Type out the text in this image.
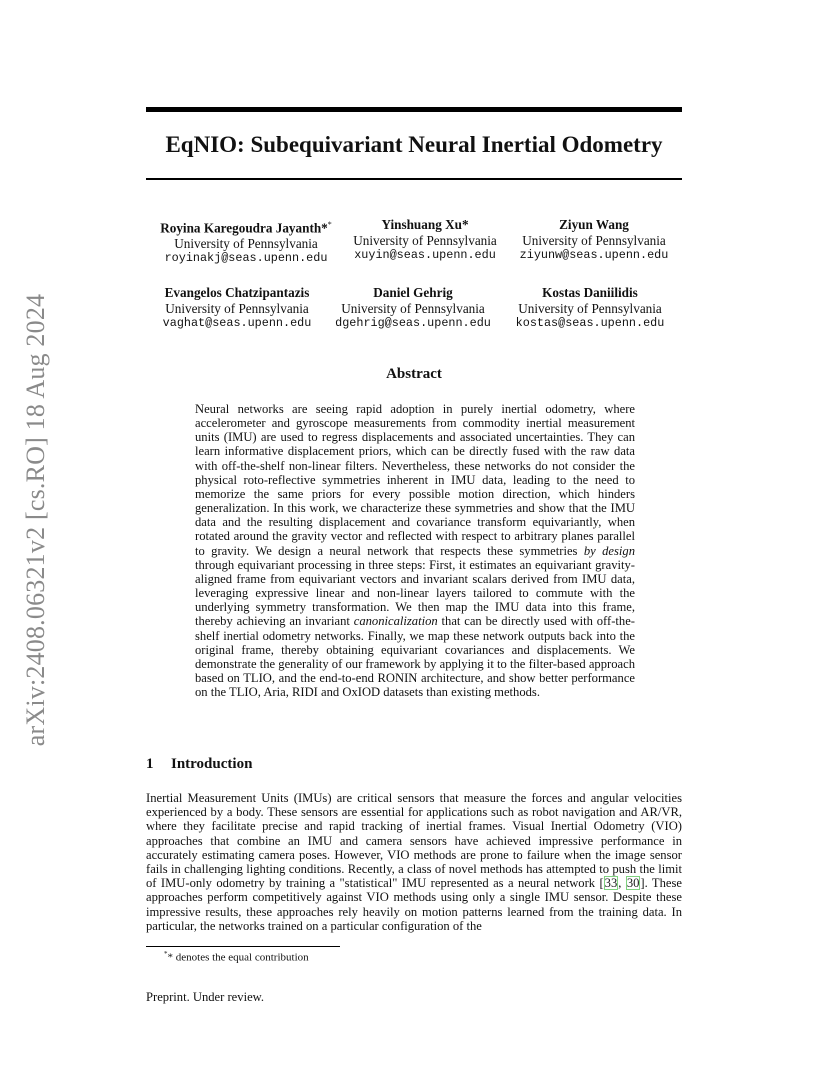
arXiv:2408.06321v2 [cs.RO] 18 Aug 2024
EqNIO: Subequivariant Neural Inertial Odometry
Royina Karegoudra Jayanth**
University of Pennsylvania
royinakj@seas.upenn.edu
Yinshuang Xu*
University of Pennsylvania
xuyin@seas.upenn.edu
Ziyun Wang
University of Pennsylvania
ziyunw@seas.upenn.edu
Evangelos Chatzipantazis
University of Pennsylvania
vaghat@seas.upenn.edu
Daniel Gehrig
University of Pennsylvania
dgehrig@seas.upenn.edu
Kostas Daniilidis
University of Pennsylvania
kostas@seas.upenn.edu
Abstract
Neural networks are seeing rapid adoption in purely inertial odometry, where accelerometer and gyroscope measurements from commodity inertial measurement units (IMU) are used to regress displacements and associated uncertainties. They can learn informative displacement priors, which can be directly fused with the raw data with off-the-shelf non-linear filters. Nevertheless, these networks do not consider the physical roto-reflective symmetries inherent in IMU data, leading to the need to memorize the same priors for every possible motion direction, which hinders generalization. In this work, we characterize these symmetries and show that the IMU data and the resulting displacement and covariance transform equivariantly, when rotated around the gravity vector and reflected with respect to arbitrary planes parallel to gravity. We design a neural network that respects these symmetries by design through equivariant processing in three steps: First, it estimates an equivariant gravity-aligned frame from equivariant vectors and invariant scalars derived from IMU data, leveraging expressive linear and non-linear layers tailored to commute with the underlying symmetry transformation. We then map the IMU data into this frame, thereby achieving an invariant canonicalization that can be directly used with off-the-shelf inertial odometry networks. Finally, we map these network outputs back into the original frame, thereby obtaining equivariant covariances and displacements. We demonstrate the generality of our framework by applying it to the filter-based approach based on TLIO, and the end-to-end RONIN architecture, and show better performance on the TLIO, Aria, RIDI and OxIOD datasets than existing methods.
1 Introduction
Inertial Measurement Units (IMUs) are critical sensors that measure the forces and angular velocities experienced by a body. These sensors are essential for applications such as robot navigation and AR/VR, where they facilitate precise and rapid tracking of inertial frames. Visual Inertial Odometry (VIO) approaches that combine an IMU and camera sensors have achieved impressive performance in accurately estimating camera poses. However, VIO methods are prone to failure when the image sensor fails in challenging lighting conditions. Recently, a class of novel methods has attempted to push the limit of IMU-only odometry by training a "statistical" IMU represented as a neural network [33, 30]. These approaches perform competitively against VIO methods using only a single IMU sensor. Despite these impressive results, these approaches rely heavily on motion patterns learned from the training data. In particular, the networks trained on a particular configuration of the
** denotes the equal contribution
Preprint. Under review.
